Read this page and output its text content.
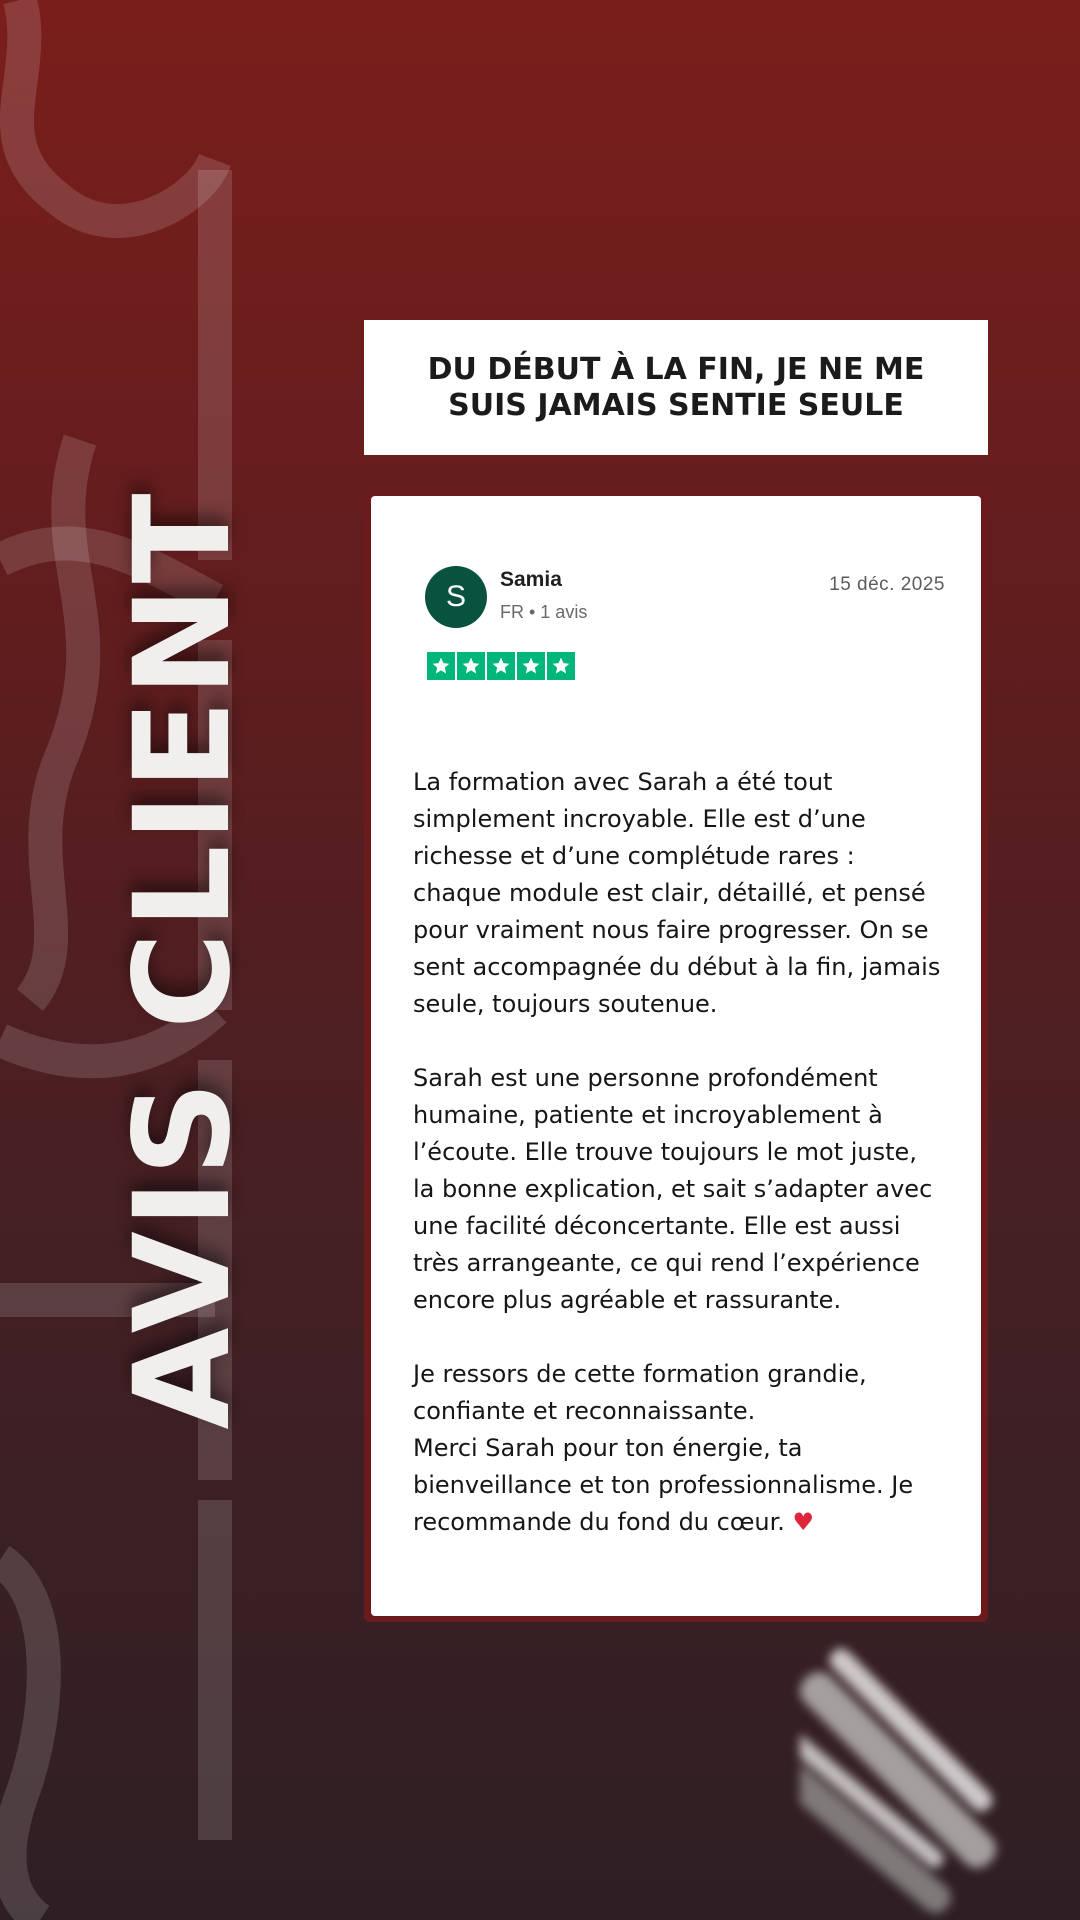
AVIS CLIENT
DU DÉBUT À LA FIN, JE NE ME SUIS JAMAIS SENTIE SEULE
S
Samia
FR • 1 avis
15 déc. 2025

La formation avec Sarah a été tout simplement incroyable. Elle est d’une richesse et d’une complétude rares : chaque module est clair, détaillé, et pensé pour vraiment nous faire progresser. On se sent accompagnée du début à la fin, jamais seule, toujours soutenue.

Sarah est une personne profondément humaine, patiente et incroyablement à l’écoute. Elle trouve toujours le mot juste, la bonne explication, et sait s’adapter avec une facilité déconcertante. Elle est aussi très arrangeante, ce qui rend l’expérience encore plus agréable et rassurante.

Je ressors de cette formation grandie, confiante et reconnaissante.

Merci Sarah pour ton énergie, ta bienveillance et ton professionnalisme. Je recommande du fond du cœur. ♥
